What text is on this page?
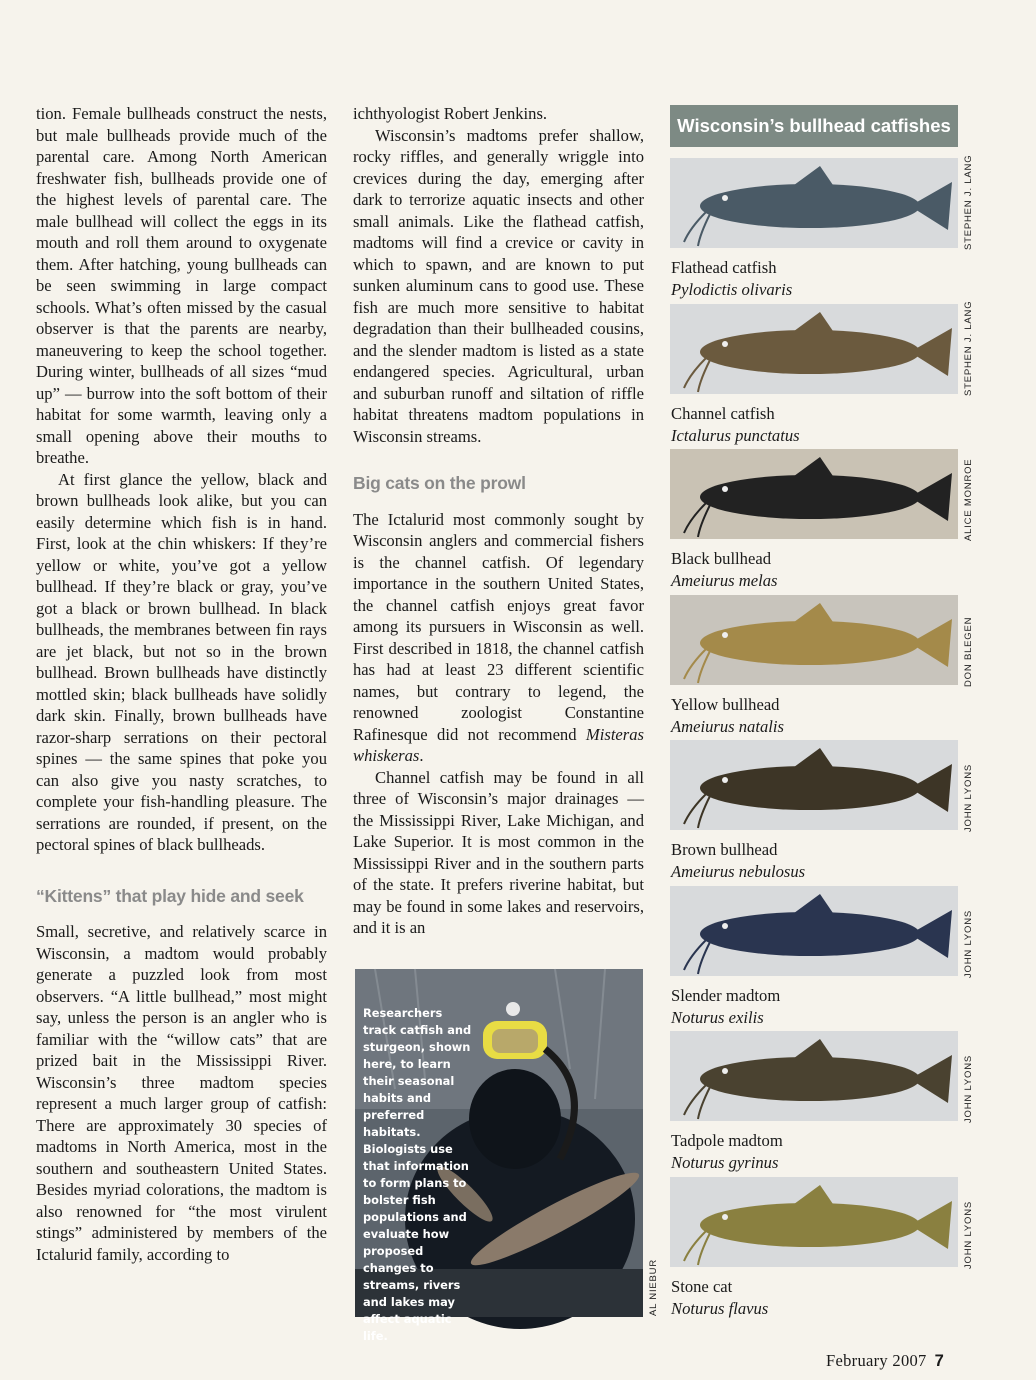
tion. Female bullheads construct the nests, but male bullheads provide much of the parental care. Among North American freshwater fish, bullheads provide one of the highest levels of parental care. The male bullhead will collect the eggs in its mouth and roll them around to oxygenate them. After hatching, young bullheads can be seen swimming in large compact schools. What’s often missed by the casual observer is that the parents are nearby, maneuvering to keep the school together. During winter, bullheads of all sizes “mud up” — burrow into the soft bottom of their habitat for some warmth, leaving only a small opening above their mouths to breathe.

At first glance the yellow, black and brown bullheads look alike, but you can easily determine which fish is in hand. First, look at the chin whiskers: If they’re yellow or white, you’ve got a yellow bullhead. If they’re black or gray, you’ve got a black or brown bullhead. In black bullheads, the membranes between fin rays are jet black, but not so in the brown bullhead. Brown bullheads have distinctly mottled skin; black bullheads have solidly dark skin. Finally, brown bullheads have razor-sharp serrations on their pectoral spines — the same spines that poke you can also give you nasty scratches, to complete your fish-handling pleasure. The serrations are rounded, if present, on the pectoral spines of black bullheads.

“Kittens” that play hide and seek

Small, secretive, and relatively scarce in Wisconsin, a madtom would probably generate a puzzled look from most observers. “A little bullhead,” most might say, unless the person is an angler who is familiar with the “willow cats” that are prized bait in the Mississippi River. Wisconsin’s three madtom species represent a much larger group of catfish: There are approximately 30 species of madtoms in North America, most in the southern and southeastern United States. Besides myriad colorations, the madtom is also renowned for “the most virulent stings” administered by members of the Ictalurid family, according to

ichthyologist Robert Jenkins.

Wisconsin’s madtoms prefer shallow, rocky riffles, and generally wriggle into crevices during the day, emerging after dark to terrorize aquatic insects and other small animals. Like the flathead catfish, madtoms will find a crevice or cavity in which to spawn, and are known to put sunken aluminum cans to good use. These fish are much more sensitive to habitat degradation than their bullheaded cousins, and the slender madtom is listed as a state endangered species. Agricultural, urban and suburban runoff and siltation of riffle habitat threatens madtom populations in Wisconsin streams.

Big cats on the prowl

The Ictalurid most commonly sought by Wisconsin anglers and commercial fishers is the channel catfish. Of legendary importance in the southern United States, the channel catfish enjoys great favor among its pursuers in Wisconsin as well. First described in 1818, the channel catfish has had at least 23 different scientific names, but contrary to legend, the renowned zoologist Constantine Rafinesque did not recommend Misteras whiskeras.

Channel catfish may be found in all three of Wisconsin’s major drainages — the Mississippi River, Lake Michigan, and Lake Superior. It is most common in the Mississippi River and in the southern parts of the state. It prefers riverine habitat, but may be found in some lakes and reservoirs, and it is an

Researchers track catfish and sturgeon, shown here, to learn their seasonal habits and preferred habitats. Biologists use that information to form plans to bolster fish populations and evaluate how proposed changes to streams, rivers and lakes may affect aquatic life.
AL NIEBUR
Wisconsin’s bullhead catfishes
Flathead catfish
Pylodictis olivaris
STEPHEN J. LANG
Channel catfish
Ictalurus punctatus
STEPHEN J. LANG
Black bullhead
Ameiurus melas
ALICE MONROE
Yellow bullhead
Ameiurus natalis
DON BLEGEN
Brown bullhead
Ameiurus nebulosus
JOHN LYONS
Slender madtom
Noturus exilis
JOHN LYONS
Tadpole madtom
Noturus gyrinus
JOHN LYONS
Stone cat
Noturus flavus
JOHN LYONS
February 2007 7
